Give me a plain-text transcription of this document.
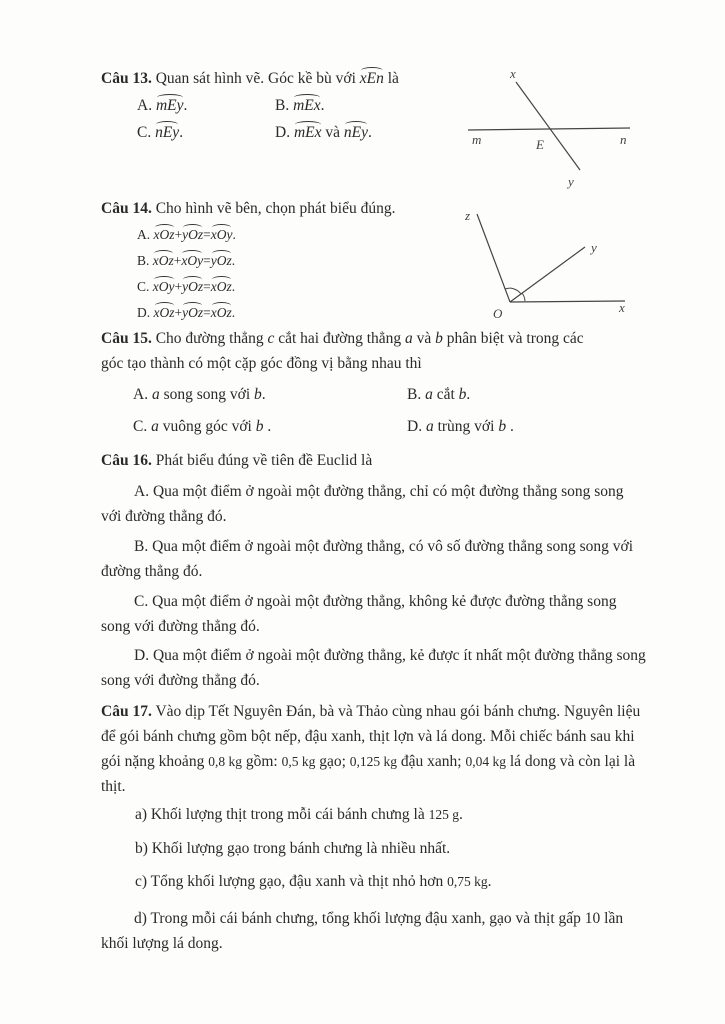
Câu 13. Quan sát hình vẽ. Góc kề bù với xEn là
A. mEy.	B. mEx.
C. nEy.	D. mEx và nEy.
x
y
m	n
E
Câu 14. Cho hình vẽ bên, chọn phát biểu đúng.
A. xOz+yOz=xOy.
B. xOz+xOy=yOz.
C. xOy+yOz=xOz.
D. xOz+yOz=xOz.
z
y
x
O
Câu 15. Cho đường thẳng c cắt hai đường thẳng a và b phân biệt và trong các
góc tạo thành có một cặp góc đồng vị bằng nhau thì
A. a song song với b.	B. a cắt b.
C. a vuông góc với b .	D. a trùng với b .
Câu 16. Phát biểu đúng về tiên đề Euclid là
A. Qua một điểm ở ngoài một đường thẳng, chỉ có một đường thẳng song song với đường thẳng đó.
B. Qua một điểm ở ngoài một đường thẳng, có vô số đường thẳng song song với đường thẳng đó.
C. Qua một điểm ở ngoài một đường thẳng, không kẻ được đường thẳng song song với đường thẳng đó.
D. Qua một điểm ở ngoài một đường thẳng, kẻ được ít nhất một đường thẳng song song với đường thẳng đó.
Câu 17. Vào dịp Tết Nguyên Đán, bà và Thảo cùng nhau gói bánh chưng. Nguyên liệu để gói bánh chưng gồm bột nếp, đậu xanh, thịt lợn và lá dong. Mỗi chiếc bánh sau khi gói nặng khoảng 0,8 kg gồm: 0,5 kg gạo; 0,125 kg đậu xanh; 0,04 kg lá dong và còn lại là thịt.
a) Khối lượng thịt trong mỗi cái bánh chưng là 125 g.
b) Khối lượng gạo trong bánh chưng là nhiều nhất.
c) Tổng khối lượng gạo, đậu xanh và thịt nhỏ hơn 0,75 kg.
d) Trong mỗi cái bánh chưng, tổng khối lượng đậu xanh, gạo và thịt gấp 10 lần khối lượng lá dong.
